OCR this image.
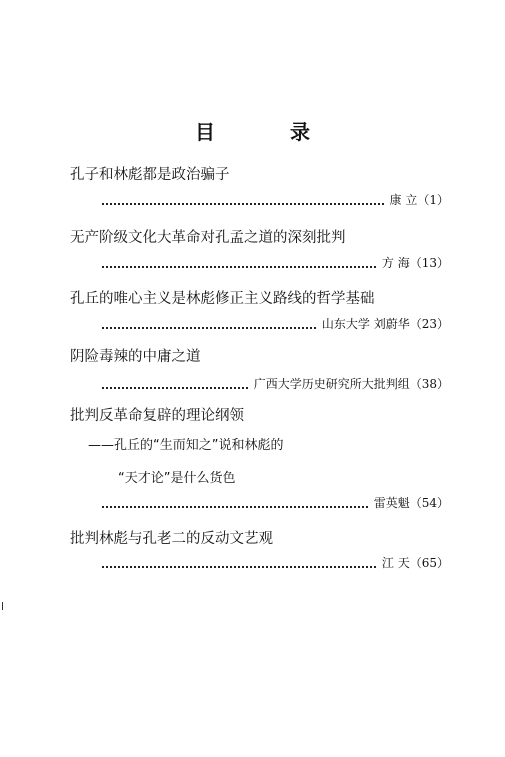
目 录
孔子和林彪都是政治骗子
康 立 （1）
无产阶级文化大革命对孔孟之道的深刻批判
方 海 （13）
孔丘的唯心主义是林彪修正主义路线的哲学基础
山东大学 刘蔚华 （23）
阴险毒辣的中庸之道
广西大学历史研究所大批判组 （38）
批判反革命复辟的理论纲领
——孔丘的“生而知之”说和林彪的
“天才论”是什么货色
雷英魁 （54）
批判林彪与孔老二的反动文艺观
江 天 （65）
